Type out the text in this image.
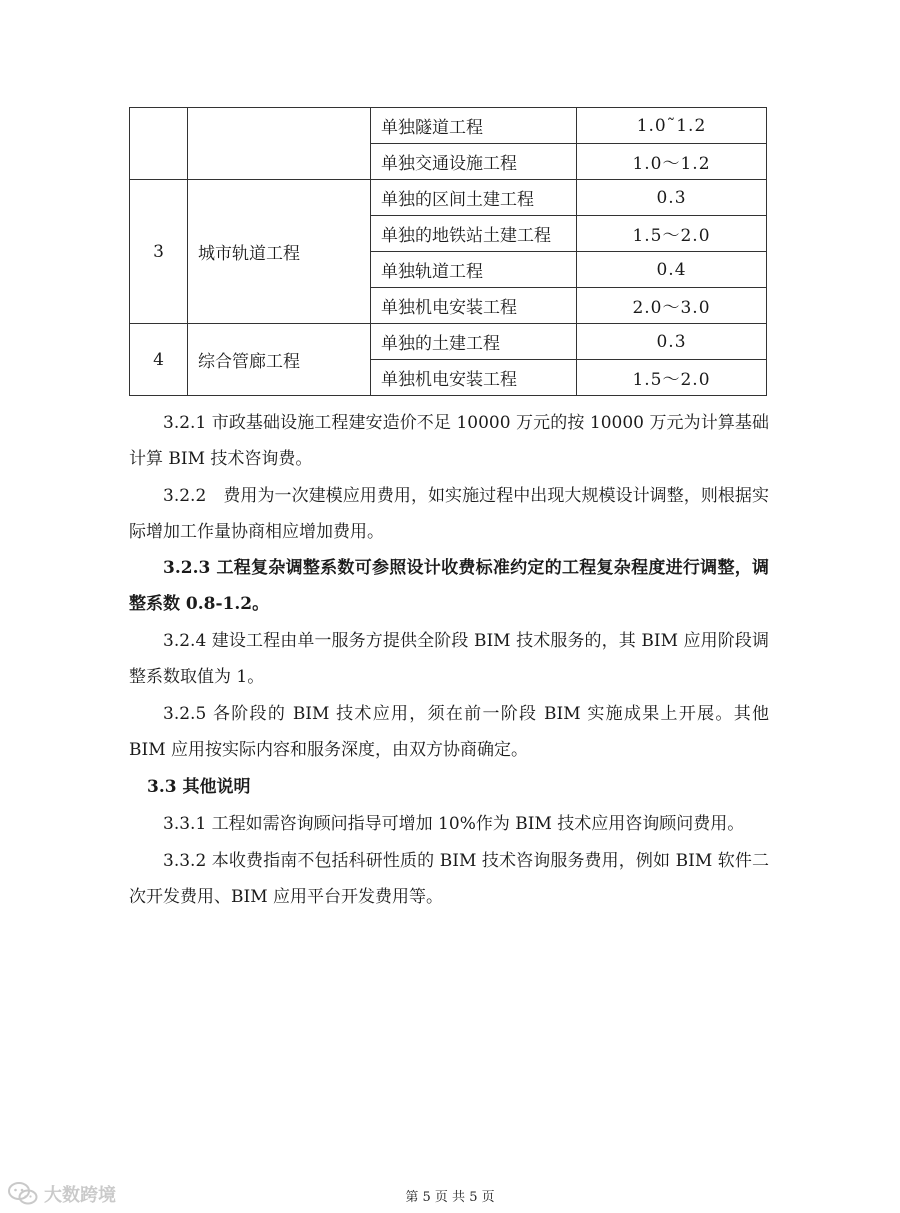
		单独隧道工程	1.0˜1.2
		单独交通设施工程	1.0～1.2
3	城市轨道工程	单独的区间土建工程	0.3
		单独的地铁站土建工程	1.5～2.0
		单独轨道工程	0.4
		单独机电安装工程	2.0～3.0
4	综合管廊工程	单独的土建工程	0.3
		单独机电安装工程	1.5～2.0

3.2.1 市政基础设施工程建安造价不足 10000 万元的按 10000 万元为计算基础计算 BIM 技术咨询费。

3.2.2　费用为一次建模应用费用，如实施过程中出现大规模设计调整，则根据实际增加工作量协商相应增加费用。

3.2.3 工程复杂调整系数可参照设计收费标准约定的工程复杂程度进行调整，调整系数 0.8-1.2。

3.2.4 建设工程由单一服务方提供全阶段 BIM 技术服务的，其 BIM 应用阶段调整系数取值为 1。

3.2.5 各阶段的 BIM 技术应用，须在前一阶段 BIM 实施成果上开展。其他 BIM 应用按实际内容和服务深度，由双方协商确定。

3.3 其他说明

3.3.1 工程如需咨询顾问指导可增加 10%作为 BIM 技术应用咨询顾问费用。

3.3.2 本收费指南不包括科研性质的 BIM 技术咨询服务费用，例如 BIM 软件二次开发费用、BIM 应用平台开发费用等。

第 5 页 共 5 页
大数跨境
